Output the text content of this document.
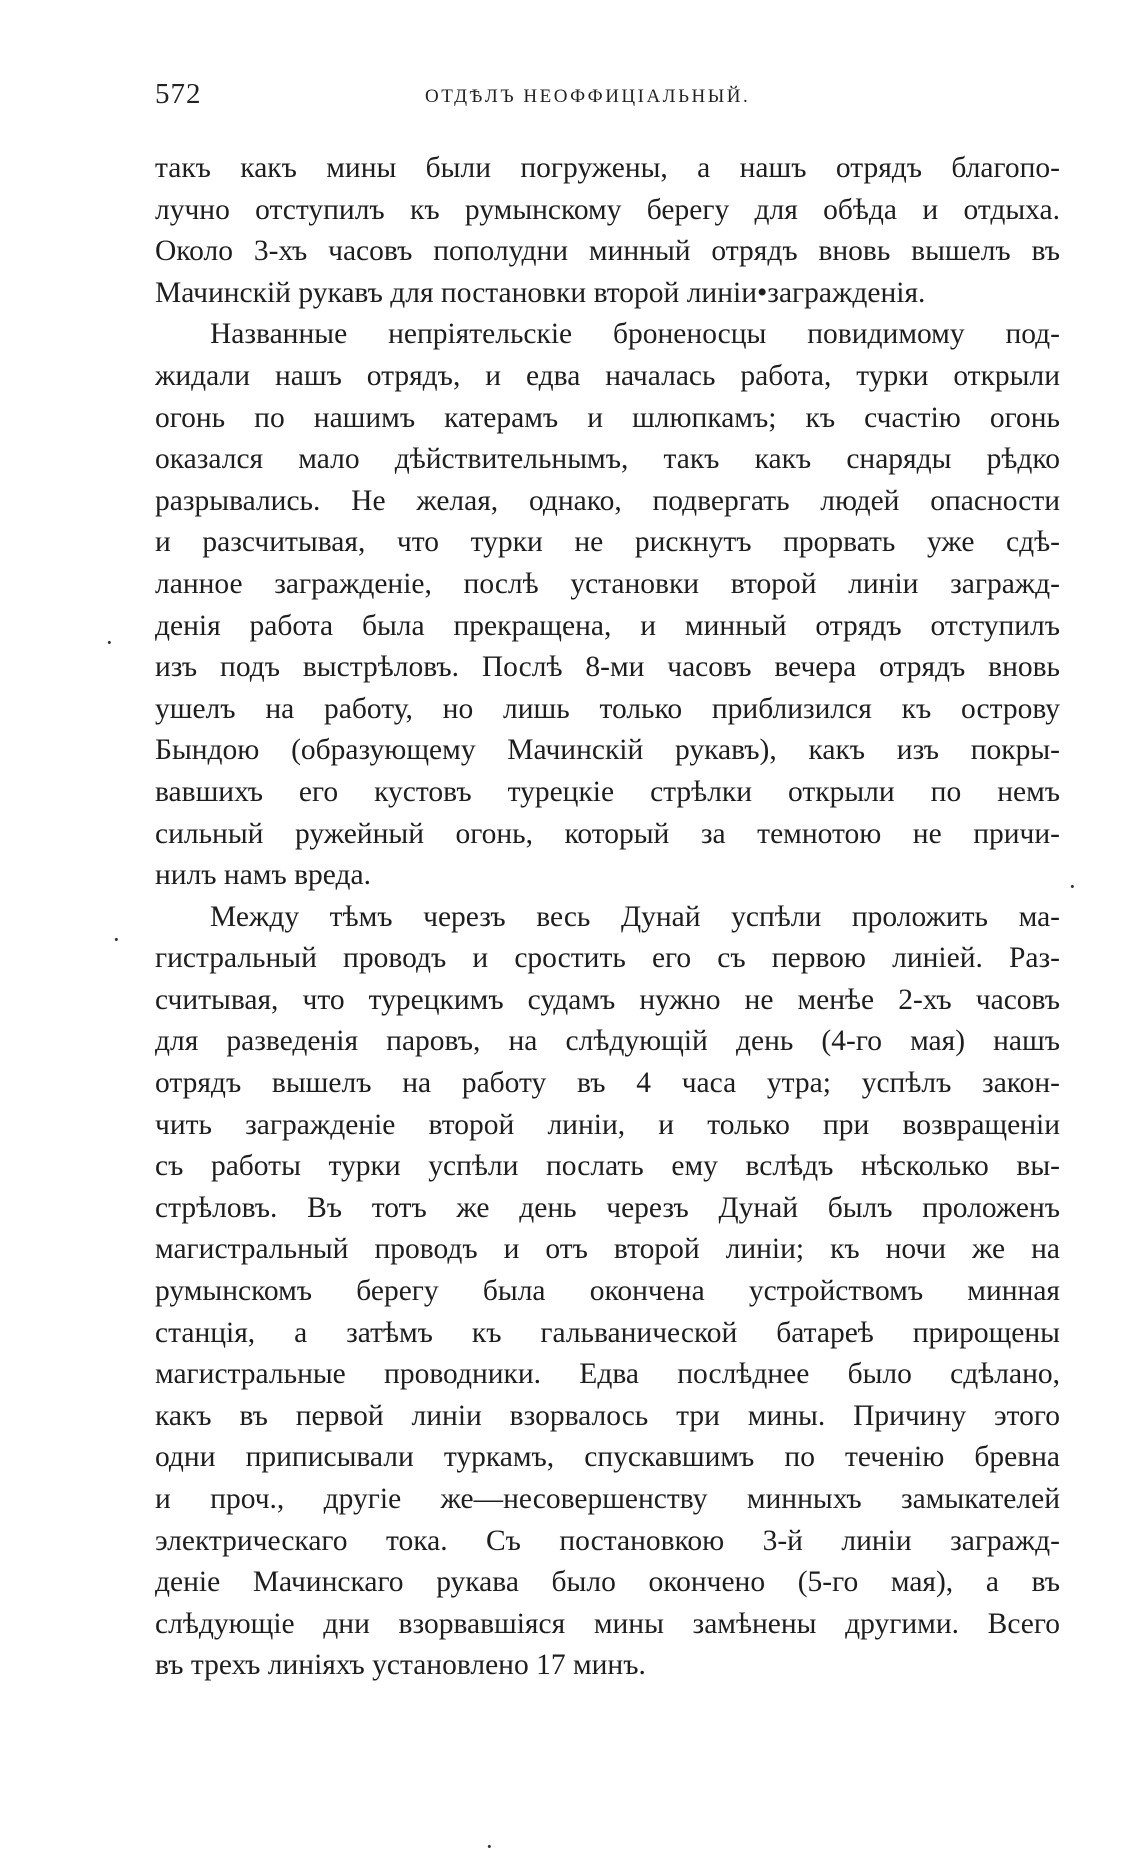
572	ОТДѢЛЪ НЕОФФИЦІАЛЬНЫЙ.
такъ какъ мины были погружены, а нашъ отрядъ благопо-
лучно отступилъ къ румынскому берегу для обѣда и отдыха.
Около 3-хъ часовъ пополудни минный отрядъ вновь вышелъ въ
Мачинскій рукавъ для постановки второй линіи•загражденія.
Названные непріятельскіе броненосцы повидимому под-
жидали нашъ отрядъ, и едва началась работа, турки открыли
огонь по нашимъ катерамъ и шлюпкамъ; къ счастію огонь
оказался мало дѣйствительнымъ, такъ какъ снаряды рѣдко
разрывались. Не желая, однако, подвергать людей опасности
и разсчитывая, что турки не рискнутъ прорвать уже сдѣ-
ланное загражденіе, послѣ установки второй линіи загражд-
денія работа была прекращена, и минный отрядъ отступилъ
изъ подъ выстрѣловъ. Послѣ 8-ми часовъ вечера отрядъ вновь
ушелъ на работу, но лишь только приблизился къ острову
Бындою (образующему Мачинскій рукавъ), какъ изъ покры-
вавшихъ его кустовъ турецкіе стрѣлки открыли по немъ
сильный ружейный огонь, который за темнотою не причи-
нилъ намъ вреда.
Между тѣмъ черезъ весь Дунай успѣли проложить ма-
гистральный проводъ и сростить его съ первою линіей. Раз-
считывая, что турецкимъ судамъ нужно не менѣе 2-хъ часовъ
для разведенія паровъ, на слѣдующій день (4-го мая) нашъ
отрядъ вышелъ на работу въ 4 часа утра; успѣлъ закон-
чить загражденіе второй линіи, и только при возвращеніи
съ работы турки успѣли послать ему вслѣдъ нѣсколько вы-
стрѣловъ. Въ тотъ же день черезъ Дунай былъ проложенъ
магистральный проводъ и отъ второй линіи; къ ночи же на
румынскомъ берегу была окончена устройствомъ минная
станція, а затѣмъ къ гальванической батареѣ прирощены
магистральные проводники. Едва послѣднее было сдѣлано,
какъ въ первой линіи взорвалось три мины. Причину этого
одни приписывали туркамъ, спускавшимъ по теченію бревна
и проч., другіе же—несовершенству минныхъ замыкателей
электрическаго тока. Съ постановкою 3-й линіи загражд-
деніе Мачинскаго рукава было окончено (5-го мая), а въ
слѣдующіе дни взорвавшіяся мины замѣнены другими. Всего
въ трехъ линіяхъ установлено 17 минъ.
·
·
·
·
